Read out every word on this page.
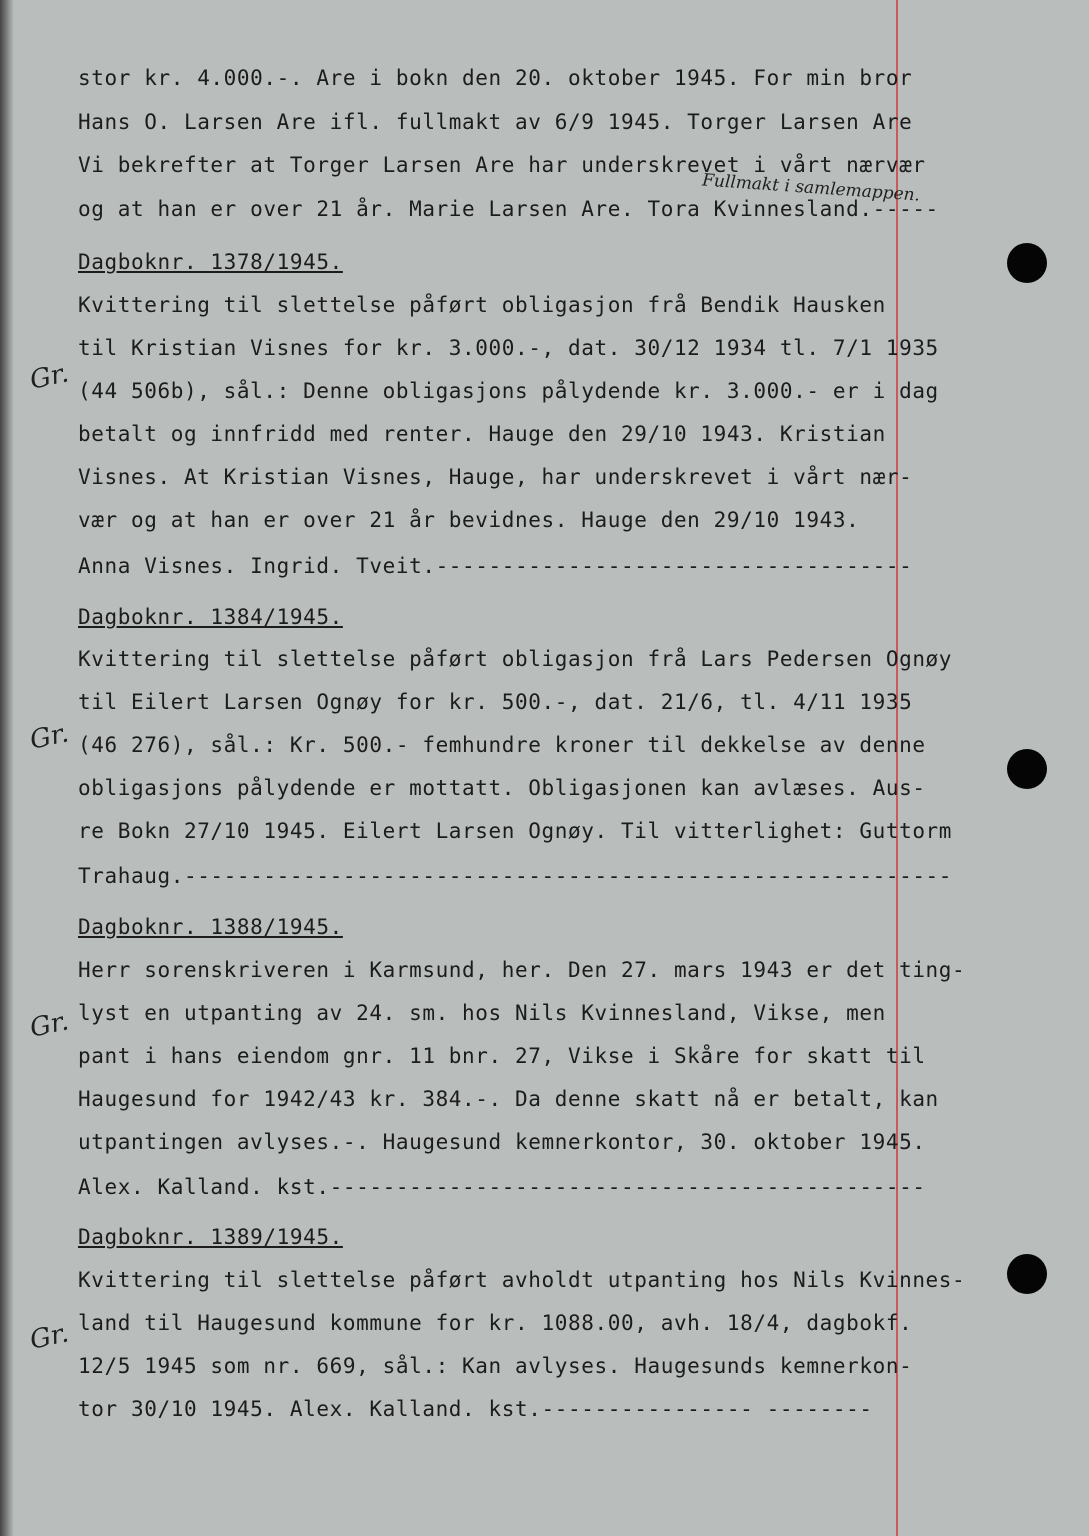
Fullmakt i samlemappen.
Gr.
Gr.
Gr.
Gr.
stor kr. 4.000.-. Are i bokn den 20. oktober 1945. For min bror
Hans O. Larsen Are ifl. fullmakt av 6/9 1945. Torger Larsen Are
Vi bekrefter at Torger Larsen Are har underskrevet i vårt nærvær
og at han er over 21 år. Marie Larsen Are. Tora Kvinnesland.-----
Dagboknr. 1378/1945.
Kvittering til slettelse påført obligasjon frå Bendik Hausken
til Kristian Visnes for kr. 3.000.-, dat. 30/12 1934 tl. 7/1 1935
(44 506b), sål.: Denne obligasjons pålydende kr. 3.000.- er i dag
betalt og innfridd med renter. Hauge den 29/10 1943. Kristian
Visnes. At Kristian Visnes, Hauge, har underskrevet i vårt nær-
vær og at han er over 21 år bevidnes. Hauge den 29/10 1943.
Anna Visnes. Ingrid. Tveit.------------------------------------
Dagboknr. 1384/1945.
Kvittering til slettelse påført obligasjon frå Lars Pedersen Ognøy
til Eilert Larsen Ognøy for kr. 500.-, dat. 21/6, tl. 4/11 1935
(46 276), sål.: Kr. 500.- femhundre kroner til dekkelse av denne
obligasjons pålydende er mottatt. Obligasjonen kan avlæses. Aus-
re Bokn 27/10 1945. Eilert Larsen Ognøy. Til vitterlighet: Guttorm
Trahaug.----------------------------------------------------------
Dagboknr. 1388/1945.
Herr sorenskriveren i Karmsund, her. Den 27. mars 1943 er det ting-
lyst en utpanting av 24. sm. hos Nils Kvinnesland, Vikse, men
pant i hans eiendom gnr. 11 bnr. 27, Vikse i Skåre for skatt til
Haugesund for 1942/43 kr. 384.-. Da denne skatt nå er betalt, kan
utpantingen avlyses.-. Haugesund kemnerkontor, 30. oktober 1945.
Alex. Kalland. kst.---------------------------------------------
Dagboknr. 1389/1945.
Kvittering til slettelse påført avholdt utpanting hos Nils Kvinnes-
land til Haugesund kommune for kr. 1088.00, avh. 18/4, dagbokf.
12/5 1945 som nr. 669, sål.: Kan avlyses. Haugesunds kemnerkon-
tor 30/10 1945. Alex. Kalland. kst.---------------- --------
